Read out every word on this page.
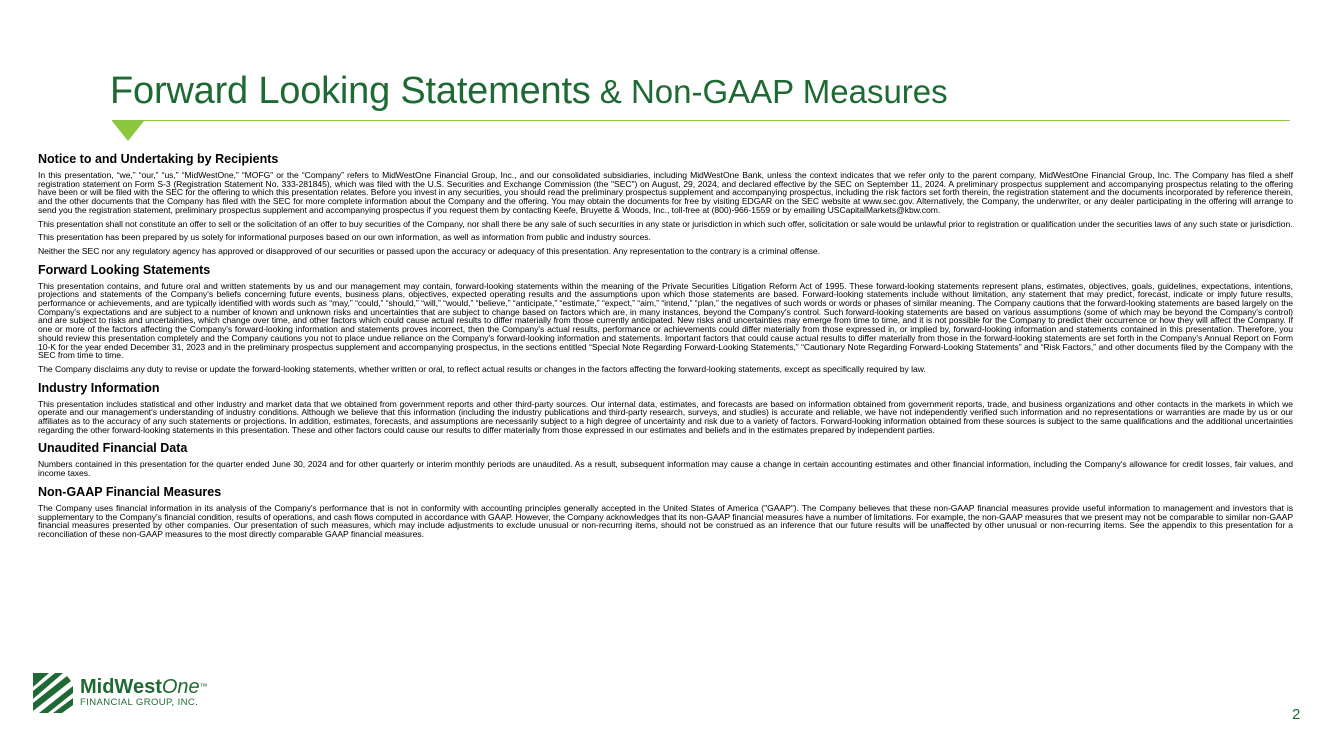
Forward Looking Statements & Non-GAAP Measures
Notice to and Undertaking by Recipients

In this presentation, “we,” “our,” “us,” “MidWestOne,” “MOFG” or the “Company” refers to MidWestOne Financial Group, Inc., and our consolidated subsidiaries, including MidWestOne Bank, unless the context indicates that we refer only to the parent company, MidWestOne Financial Group, Inc. The Company has filed a shelf registration statement on Form S-3 (Registration Statement No. 333-281845), which was filed with the U.S. Securities and Exchange Commission (the "SEC") on August, 29, 2024, and declared effective by the SEC on September 11, 2024. A preliminary prospectus supplement and accompanying prospectus relating to the offering have been or will be filed with the SEC for the offering to which this presentation relates. Before you invest in any securities, you should read the preliminary prospectus supplement and accompanying prospectus, including the risk factors set forth therein, the registration statement and the documents incorporated by reference therein, and the other documents that the Company has filed with the SEC for more complete information about the Company and the offering. You may obtain the documents for free by visiting EDGAR on the SEC website at www.sec.gov. Alternatively, the Company, the underwriter, or any dealer participating in the offering will arrange to send you the registration statement, preliminary prospectus supplement and accompanying prospectus if you request them by contacting Keefe, Bruyette & Woods, Inc., toll-free at (800)-966-1559 or by emailing USCapitalMarkets@kbw.com.

This presentation shall not constitute an offer to sell or the solicitation of an offer to buy securities of the Company, nor shall there be any sale of such securities in any state or jurisdiction in which such offer, solicitation or sale would be unlawful prior to registration or qualification under the securities laws of any such state or jurisdiction.

This presentation has been prepared by us solely for informational purposes based on our own information, as well as information from public and industry sources.

Neither the SEC nor any regulatory agency has approved or disapproved of our securities or passed upon the accuracy or adequacy of this presentation. Any representation to the contrary is a criminal offense.

Forward Looking Statements

This presentation contains, and future oral and written statements by us and our management may contain, forward-looking statements within the meaning of the Private Securities Litigation Reform Act of 1995. These forward-looking statements represent plans, estimates, objectives, goals, guidelines, expectations, intentions, projections and statements of the Company's beliefs concerning future events, business plans, objectives, expected operating results and the assumptions upon which those statements are based. Forward-looking statements include without limitation, any statement that may predict, forecast, indicate or imply future results, performance or achievements, and are typically identified with words such as “may,” “could,” “should,” “will,” “would,” “believe,” “anticipate,” “estimate,” “expect,” “aim,” “intend,” “plan,” the negatives of such words or words or phases of similar meaning. The Company cautions that the forward-looking statements are based largely on the Company's expectations and are subject to a number of known and unknown risks and uncertainties that are subject to change based on factors which are, in many instances, beyond the Company's control. Such forward-looking statements are based on various assumptions (some of which may be beyond the Company's control) and are subject to risks and uncertainties, which change over time, and other factors which could cause actual results to differ materially from those currently anticipated. New risks and uncertainties may emerge from time to time, and it is not possible for the Company to predict their occurrence or how they will affect the Company. If one or more of the factors affecting the Company's forward-looking information and statements proves incorrect, then the Company's actual results, performance or achievements could differ materially from those expressed in, or implied by, forward-looking information and statements contained in this presentation. Therefore, you should review this presentation completely and the Company cautions you not to place undue reliance on the Company's forward-looking information and statements. Important factors that could cause actual results to differ materially from those in the forward-looking statements are set forth in the Company's Annual Report on Form 10-K for the year ended December 31, 2023 and in the preliminary prospectus supplement and accompanying prospectus, in the sections entitled “Special Note Regarding Forward-Looking Statements,” “Cautionary Note Regarding Forward-Looking Statements” and “Risk Factors,” and other documents filed by the Company with the SEC from time to time.

The Company disclaims any duty to revise or update the forward-looking statements, whether written or oral, to reflect actual results or changes in the factors affecting the forward-looking statements, except as specifically required by law.

Industry Information

This presentation includes statistical and other industry and market data that we obtained from government reports and other third-party sources. Our internal data, estimates, and forecasts are based on information obtained from government reports, trade, and business organizations and other contacts in the markets in which we operate and our management's understanding of industry conditions. Although we believe that this information (including the industry publications and third-party research, surveys, and studies) is accurate and reliable, we have not independently verified such information and no representations or warranties are made by us or our affiliates as to the accuracy of any such statements or projections. In addition, estimates, forecasts, and assumptions are necessarily subject to a high degree of uncertainty and risk due to a variety of factors. Forward-looking information obtained from these sources is subject to the same qualifications and the additional uncertainties regarding the other forward-looking statements in this presentation. These and other factors could cause our results to differ materially from those expressed in our estimates and beliefs and in the estimates prepared by independent parties.

Unaudited Financial Data

Numbers contained in this presentation for the quarter ended June 30, 2024 and for other quarterly or interim monthly periods are unaudited. As a result, subsequent information may cause a change in certain accounting estimates and other financial information, including the Company's allowance for credit losses, fair values, and income taxes.

Non-GAAP Financial Measures

The Company uses financial information in its analysis of the Company's performance that is not in conformity with accounting principles generally accepted in the United States of America ("GAAP"). The Company believes that these non-GAAP financial measures provide useful information to management and investors that is supplementary to the Company's financial condition, results of operations, and cash flows computed in accordance with GAAP. However, the Company acknowledges that its non-GAAP financial measures have a number of limitations. For example, the non-GAAP measures that we present may not be comparable to similar non-GAAP financial measures presented by other companies. Our presentation of such measures, which may include adjustments to exclude unusual or non-recurring items, should not be construed as an inference that our future results will be unaffected by other unusual or non-recurring items. See the appendix to this presentation for a reconciliation of these non-GAAP measures to the most directly comparable GAAP financial measures.

MidWestOne™
FINANCIAL GROUP, INC.
2
